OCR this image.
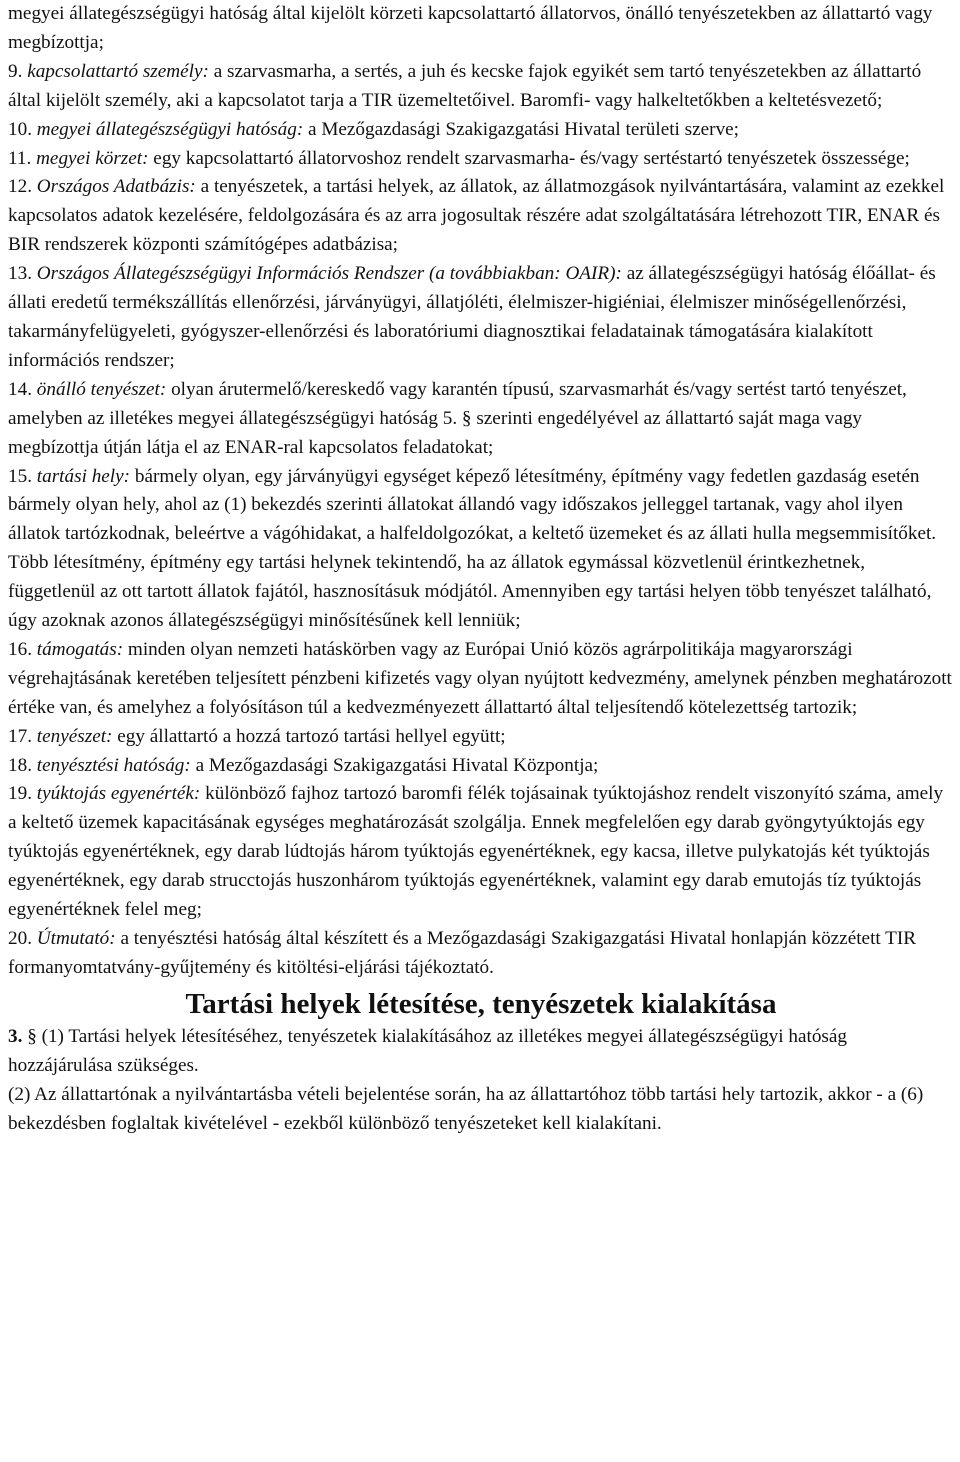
megyei állategészségügyi hatóság által kijelölt körzeti kapcsolattartó állatorvos, önálló tenyészetekben az állattartó vagy megbízottja;

9. kapcsolattartó személy: a szarvasmarha, a sertés, a juh és kecske fajok egyikét sem tartó tenyészetekben az állattartó által kijelölt személy, aki a kapcsolatot tarja a TIR üzemeltetőivel. Baromfi- vagy halkeltetőkben a keltetésvezető;

10. megyei állategészségügyi hatóság: a Mezőgazdasági Szakigazgatási Hivatal területi szerve;

11. megyei körzet: egy kapcsolattartó állatorvoshoz rendelt szarvasmarha- és/vagy sertéstartó tenyészetek összessége;

12. Országos Adatbázis: a tenyészetek, a tartási helyek, az állatok, az állatmozgások nyilvántartására, valamint az ezekkel kapcsolatos adatok kezelésére, feldolgozására és az arra jogosultak részére adat szolgáltatására létrehozott TIR, ENAR és BIR rendszerek központi számítógépes adatbázisa;

13. Országos Állategészségügyi Információs Rendszer (a továbbiakban: OAIR): az állategészségügyi hatóság élőállat- és állati eredetű termékszállítás ellenőrzési, járványügyi, állatjóléti, élelmiszer-higiéniai, élelmiszer minőségellenőrzési, takarmányfelügyeleti, gyógyszer-ellenőrzési és laboratóriumi diagnosztikai feladatainak támogatására kialakított információs rendszer;

14. önálló tenyészet: olyan árutermelő/kereskedő vagy karantén típusú, szarvasmarhát és/vagy sertést tartó tenyészet, amelyben az illetékes megyei állategészségügyi hatóság 5. § szerinti engedélyével az állattartó saját maga vagy megbízottja útján látja el az ENAR-ral kapcsolatos feladatokat;

15. tartási hely: bármely olyan, egy járványügyi egységet képező létesítmény, építmény vagy fedetlen gazdaság esetén bármely olyan hely, ahol az (1) bekezdés szerinti állatokat állandó vagy időszakos jelleggel tartanak, vagy ahol ilyen állatok tartózkodnak, beleértve a vágóhidakat, a halfeldolgozókat, a keltető üzemeket és az állati hulla megsemmisítőket. Több létesítmény, építmény egy tartási helynek tekintendő, ha az állatok egymással közvetlenül érintkezhetnek, függetlenül az ott tartott állatok fajától, hasznosításuk módjától. Amennyiben egy tartási helyen több tenyészet található, úgy azoknak azonos állategészségügyi minősítésűnek kell lenniük;

16. támogatás: minden olyan nemzeti hatáskörben vagy az Európai Unió közös agrárpolitikája magyarországi végrehajtásának keretében teljesített pénzbeni kifizetés vagy olyan nyújtott kedvezmény, amelynek pénzben meghatározott értéke van, és amelyhez a folyósításon túl a kedvezményezett állattartó által teljesítendő kötelezettség tartozik;

17. tenyészet: egy állattartó a hozzá tartozó tartási hellyel együtt;

18. tenyésztési hatóság: a Mezőgazdasági Szakigazgatási Hivatal Központja;

19. tyúktojás egyenérték: különböző fajhoz tartozó baromfi félék tojásainak tyúktojáshoz rendelt viszonyító száma, amely a keltető üzemek kapacitásának egységes meghatározását szolgálja. Ennek megfelelően egy darab gyöngytyúktojás egy tyúktojás egyenértéknek, egy darab lúdtojás három tyúktojás egyenértéknek, egy kacsa, illetve pulykatojás két tyúktojás egyenértéknek, egy darab strucctojás huszonhárom tyúktojás egyenértéknek, valamint egy darab emutojás tíz tyúktojás egyenértéknek felel meg;

20. Útmutató: a tenyésztési hatóság által készített és a Mezőgazdasági Szakigazgatási Hivatal honlapján közzétett TIR formanyomtatvány-gyűjtemény és kitöltési-eljárási tájékoztató.

Tartási helyek létesítése, tenyészetek kialakítása

3. § (1) Tartási helyek létesítéséhez, tenyészetek kialakításához az illetékes megyei állategészségügyi hatóság hozzájárulása szükséges.

(2) Az állattartónak a nyilvántartásba vételi bejelentése során, ha az állattartóhoz több tartási hely tartozik, akkor - a (6) bekezdésben foglaltak kivételével - ezekből különböző tenyészeteket kell kialakítani.
